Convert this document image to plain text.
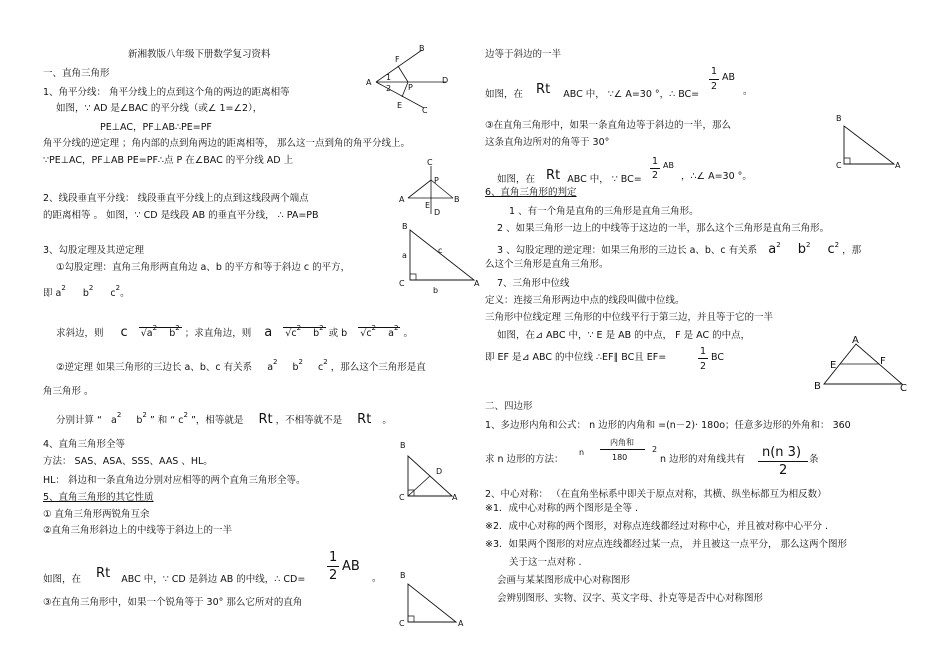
新湘教版八年级下册数学复习资料
一、直角三角形
1、角平分线： 角平分线上的点到这个角的两边的距离相等
如图，∵ AD 是∠BAC 的平分线（或∠ 1=∠2），
PE⊥AC，PF⊥AB∴PE=PF
角平分线的逆定理 ；角内部的点到角两边的距离相等， 那么这一点到角的角平分线上。
∵PE⊥AC，PF⊥AB PE=PF∴点 P 在∠BAC 的平分线 AD 上
2、线段垂直平分线： 线段垂直平分线上的点到这线段两个端点
的距离相等 。 如图，∵ CD 是线段 AB 的垂直平分线， ∴ PA=PB
3、勾股定理及其逆定理
①勾股定理：直角三角形两直角边 a、b 的平方和等于斜边 c 的平方，
即 $a^2$ $b^2$ $c^2$。
求斜边，则 c $√a^2$ $b^2$ ；求直角边，则 a $√c^2$ $b^2$ 或 b $√c^2$ $a^2$ 。
②逆定理 如果三角形的三边长 a、b、c 有关系 $a^2$ $b^2$ $c^2$ ，那么这个三角形是直
角三角形 。
分别计算 “ $a^2$ $b^2$ ” 和 “ $c^2$ ”，相等就是 Rt ，不相等就不是 Rt 。
4、直角三角形全等
方法： SAS、ASA、SSS、AAS 、HL。
HL： 斜边和一条直角边分别对应相等的两个直角三角形全等。
5、直角三角形的其它性质
① 直角三角形两锐角互余
②直角三角形斜边上的中线等于斜边上的一半
如图，在 Rt ABC 中，∵ CD 是斜边 AB 的中线，∴ CD=
1
2
AB
。
③在直角三角形中，如果一个锐角等于 30° 那么它所对的直角
边等于斜边的一半
如图，在 Rt ABC 中， ∵∠ A=30 °，∴ BC=
1
2
AB
。
③在直角三角形中，如果一条直角边等于斜边的一半，那么
这条直角边所对的角等于 30°
如图，在 Rt ABC 中， ∵ BC=
1
2
AB
，∴∠ A=30 °。
6、直角三角形的判定
1 、有一个角是直角的三角形是直角三角形。
2 、如果三角形一边上的中线等于这边的一半，那么这个三角形是直角三角形。
3 、勾股定理的逆定理：如果三角形的三边长 a、b、c 有关系 $a^2$ $b^2$ $c^2$ ，那
么这个三角形是直角三角形。
7、三角形中位线
定义：连接三角形两边中点的线段叫做中位线。
三角形中位线定理 三角形的中位线平行于第三边，并且等于它的一半
如图，在⊿ ABC 中，∵ E 是 AB 的中点， F 是 AC 的中点，
即 EF 是⊿ ABC 的中位线 ∴EF∥ BC且 EF=
1
2
BC
二、四边形
1、多边形内角和公式： n 边形的内角和 =(n－2)· 180o；任意多边形的外角和： 360
求 n 边形的方法：
n
内角和
180
2
n 边形的对角线共有 n(n 3)
2
条
2、中心对称： （在直角坐标系中即关于原点对称，其横、纵坐标都互为相反数）
※1．成中心对称的两个图形是全等 .
※2．成中心对称的两个图形，对称点连线都经过对称中心，并且被对称中心平分 .
※3．如果两个图形的对应点连线都经过某一点， 并且被这一点平分， 那么这两个图形
关于这一点对称 .
会画与某某图形成中心对称图形
会辨别图形、实物、汉字、英文字母、扑克等是否中心对称图形
A
F
1
2 P
E
B
D
C
C
P
A
E
B
D
B
a
c
C
b
A
B
D
C	A
B
C	A
B
C	A
A
E	F
B	C
